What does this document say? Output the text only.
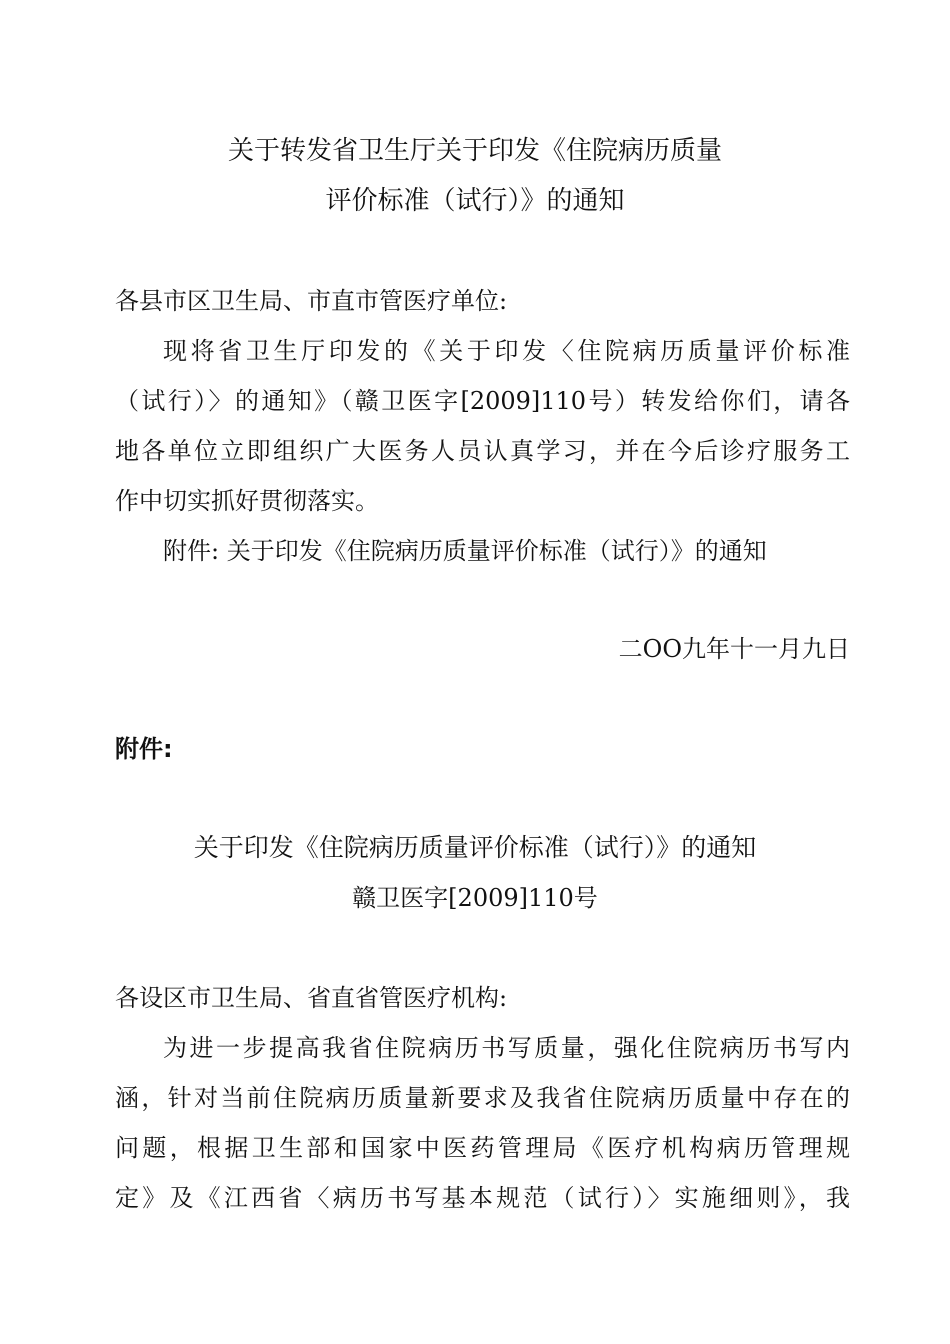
关于转发省卫生厅关于印发《住院病历质量
评价标准（试行）》的通知
各县市区卫生局、市直市管医疗单位:
现将省卫生厅印发的《关于印发〈住院病历质量评价标准
（试行）〉的通知》（赣卫医字[2009]110号）转发给你们，请各
地各单位立即组织广大医务人员认真学习，并在今后诊疗服务工
作中切实抓好贯彻落实。
附件: 关于印发《住院病历质量评价标准（试行）》的通知
二OO九年十一月九日
附件:
关于印发《住院病历质量评价标准（试行）》的通知
赣卫医字[2009]110号
各设区市卫生局、省直省管医疗机构:
为进一步提高我省住院病历书写质量，强化住院病历书写内
涵，针对当前住院病历质量新要求及我省住院病历质量中存在的
问题，根据卫生部和国家中医药管理局《医疗机构病历管理规
定》及《江西省〈病历书写基本规范（试行）〉实施细则》，我
